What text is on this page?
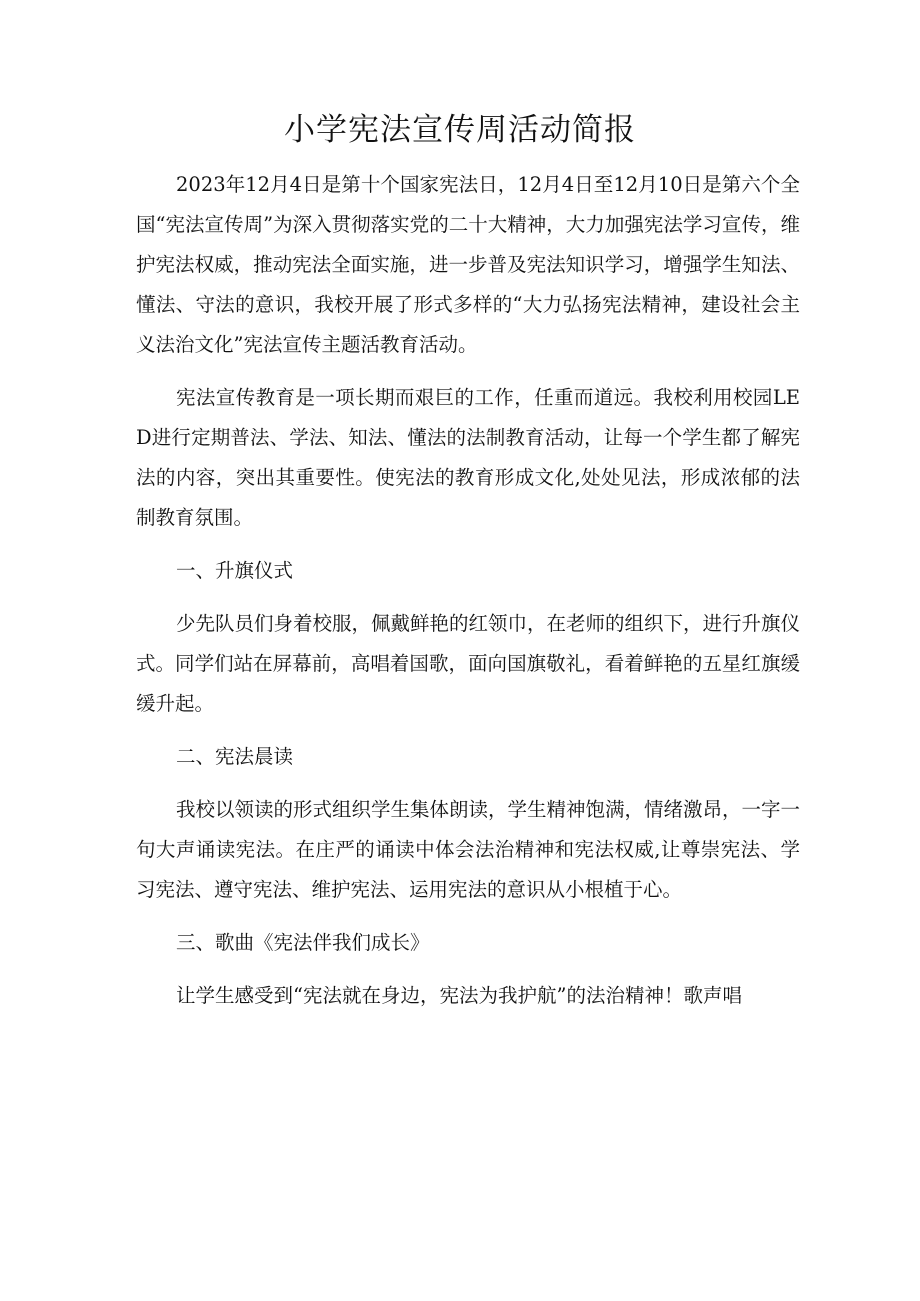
小学宪法宣传周活动简报

2023年12月4日是第十个国家宪法日，12月4日至12月10日是第六个全国“宪法宣传周”为深入贯彻落实党的二十大精神，大力加强宪法学习宣传，维护宪法权威，推动宪法全面实施，进一步普及宪法知识学习，增强学生知法、懂法、守法的意识，我校开展了形式多样的“大力弘扬宪法精神，建设社会主义法治文化”宪法宣传主题活教育活动。

宪法宣传教育是一项长期而艰巨的工作，任重而道远。我校利用校园LED进行定期普法、学法、知法、懂法的法制教育活动，让每一个学生都了解宪法的内容，突出其重要性。使宪法的教育形成文化,处处见法，形成浓郁的法制教育氛围。

一、升旗仪式

少先队员们身着校服，佩戴鲜艳的红领巾，在老师的组织下，进行升旗仪式。同学们站在屏幕前，高唱着国歌，面向国旗敬礼，看着鲜艳的五星红旗缓缓升起。

二、宪法晨读

我校以领读的形式组织学生集体朗读，学生精神饱满，情绪激昂，一字一句大声诵读宪法。在庄严的诵读中体会法治精神和宪法权威,让尊崇宪法、学习宪法、遵守宪法、维护宪法、运用宪法的意识从小根植于心。

三、歌曲《宪法伴我们成长》

让学生感受到“宪法就在身边，宪法为我护航”的法治精神！歌声唱
